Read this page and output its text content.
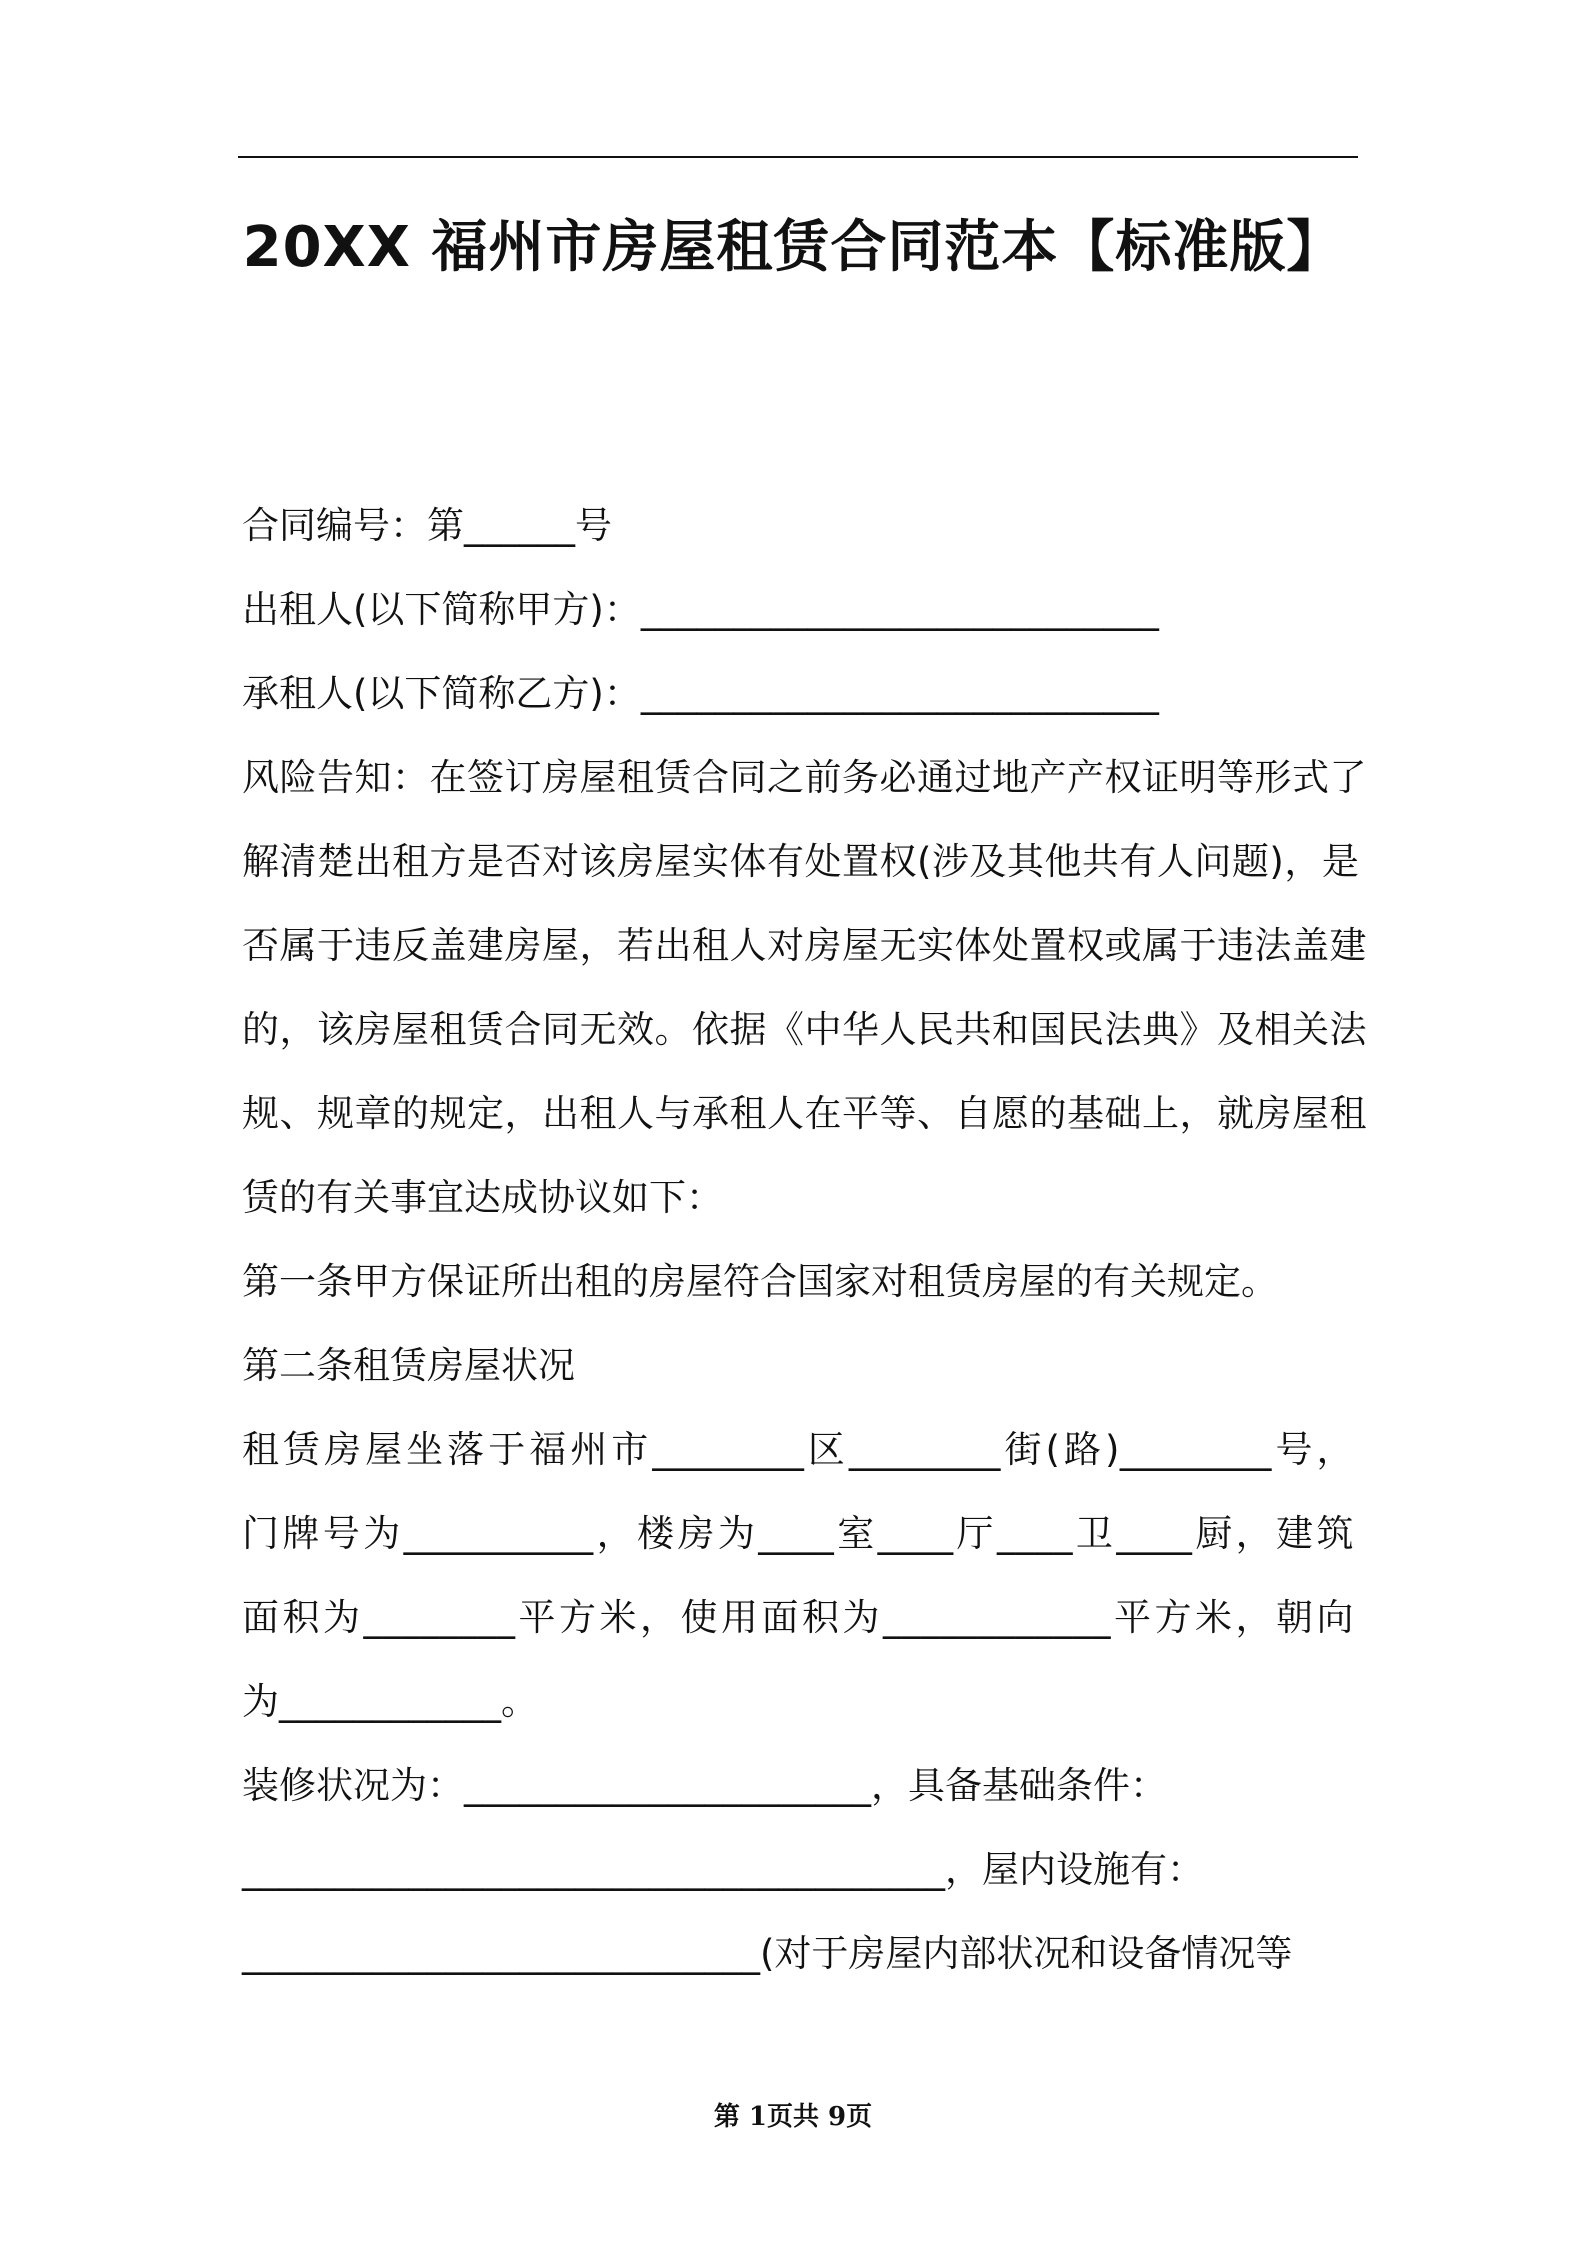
20XX 福州市房屋租赁合同范本【标准版】
合同编号：第______号
出租人(以下简称甲方)：____________________________
承租人(以下简称乙方)：____________________________
风险告知：在签订房屋租赁合同之前务必通过地产产权证明等形式了
解清楚出租方是否对该房屋实体有处置权(涉及其他共有人问题)，是
否属于违反盖建房屋，若出租人对房屋无实体处置权或属于违法盖建
的，该房屋租赁合同无效。依据《中华人民共和国民法典》及相关法
规、规章的规定，出租人与承租人在平等、自愿的基础上，就房屋租
赁的有关事宜达成协议如下：
第一条甲方保证所出租的房屋符合国家对租赁房屋的有关规定。
第二条租赁房屋状况
租赁房屋坐落于福州市________区________街(路)________号，
门牌号为__________，楼房为____室____厅____卫____厨，建筑
面积为________平方米，使用面积为____________平方米，朝向
为____________。
装修状况为：______________________，具备基础条件：
______________________________________，屋内设施有：
____________________________(对于房屋内部状况和设备情况等
第 1页共 9页
